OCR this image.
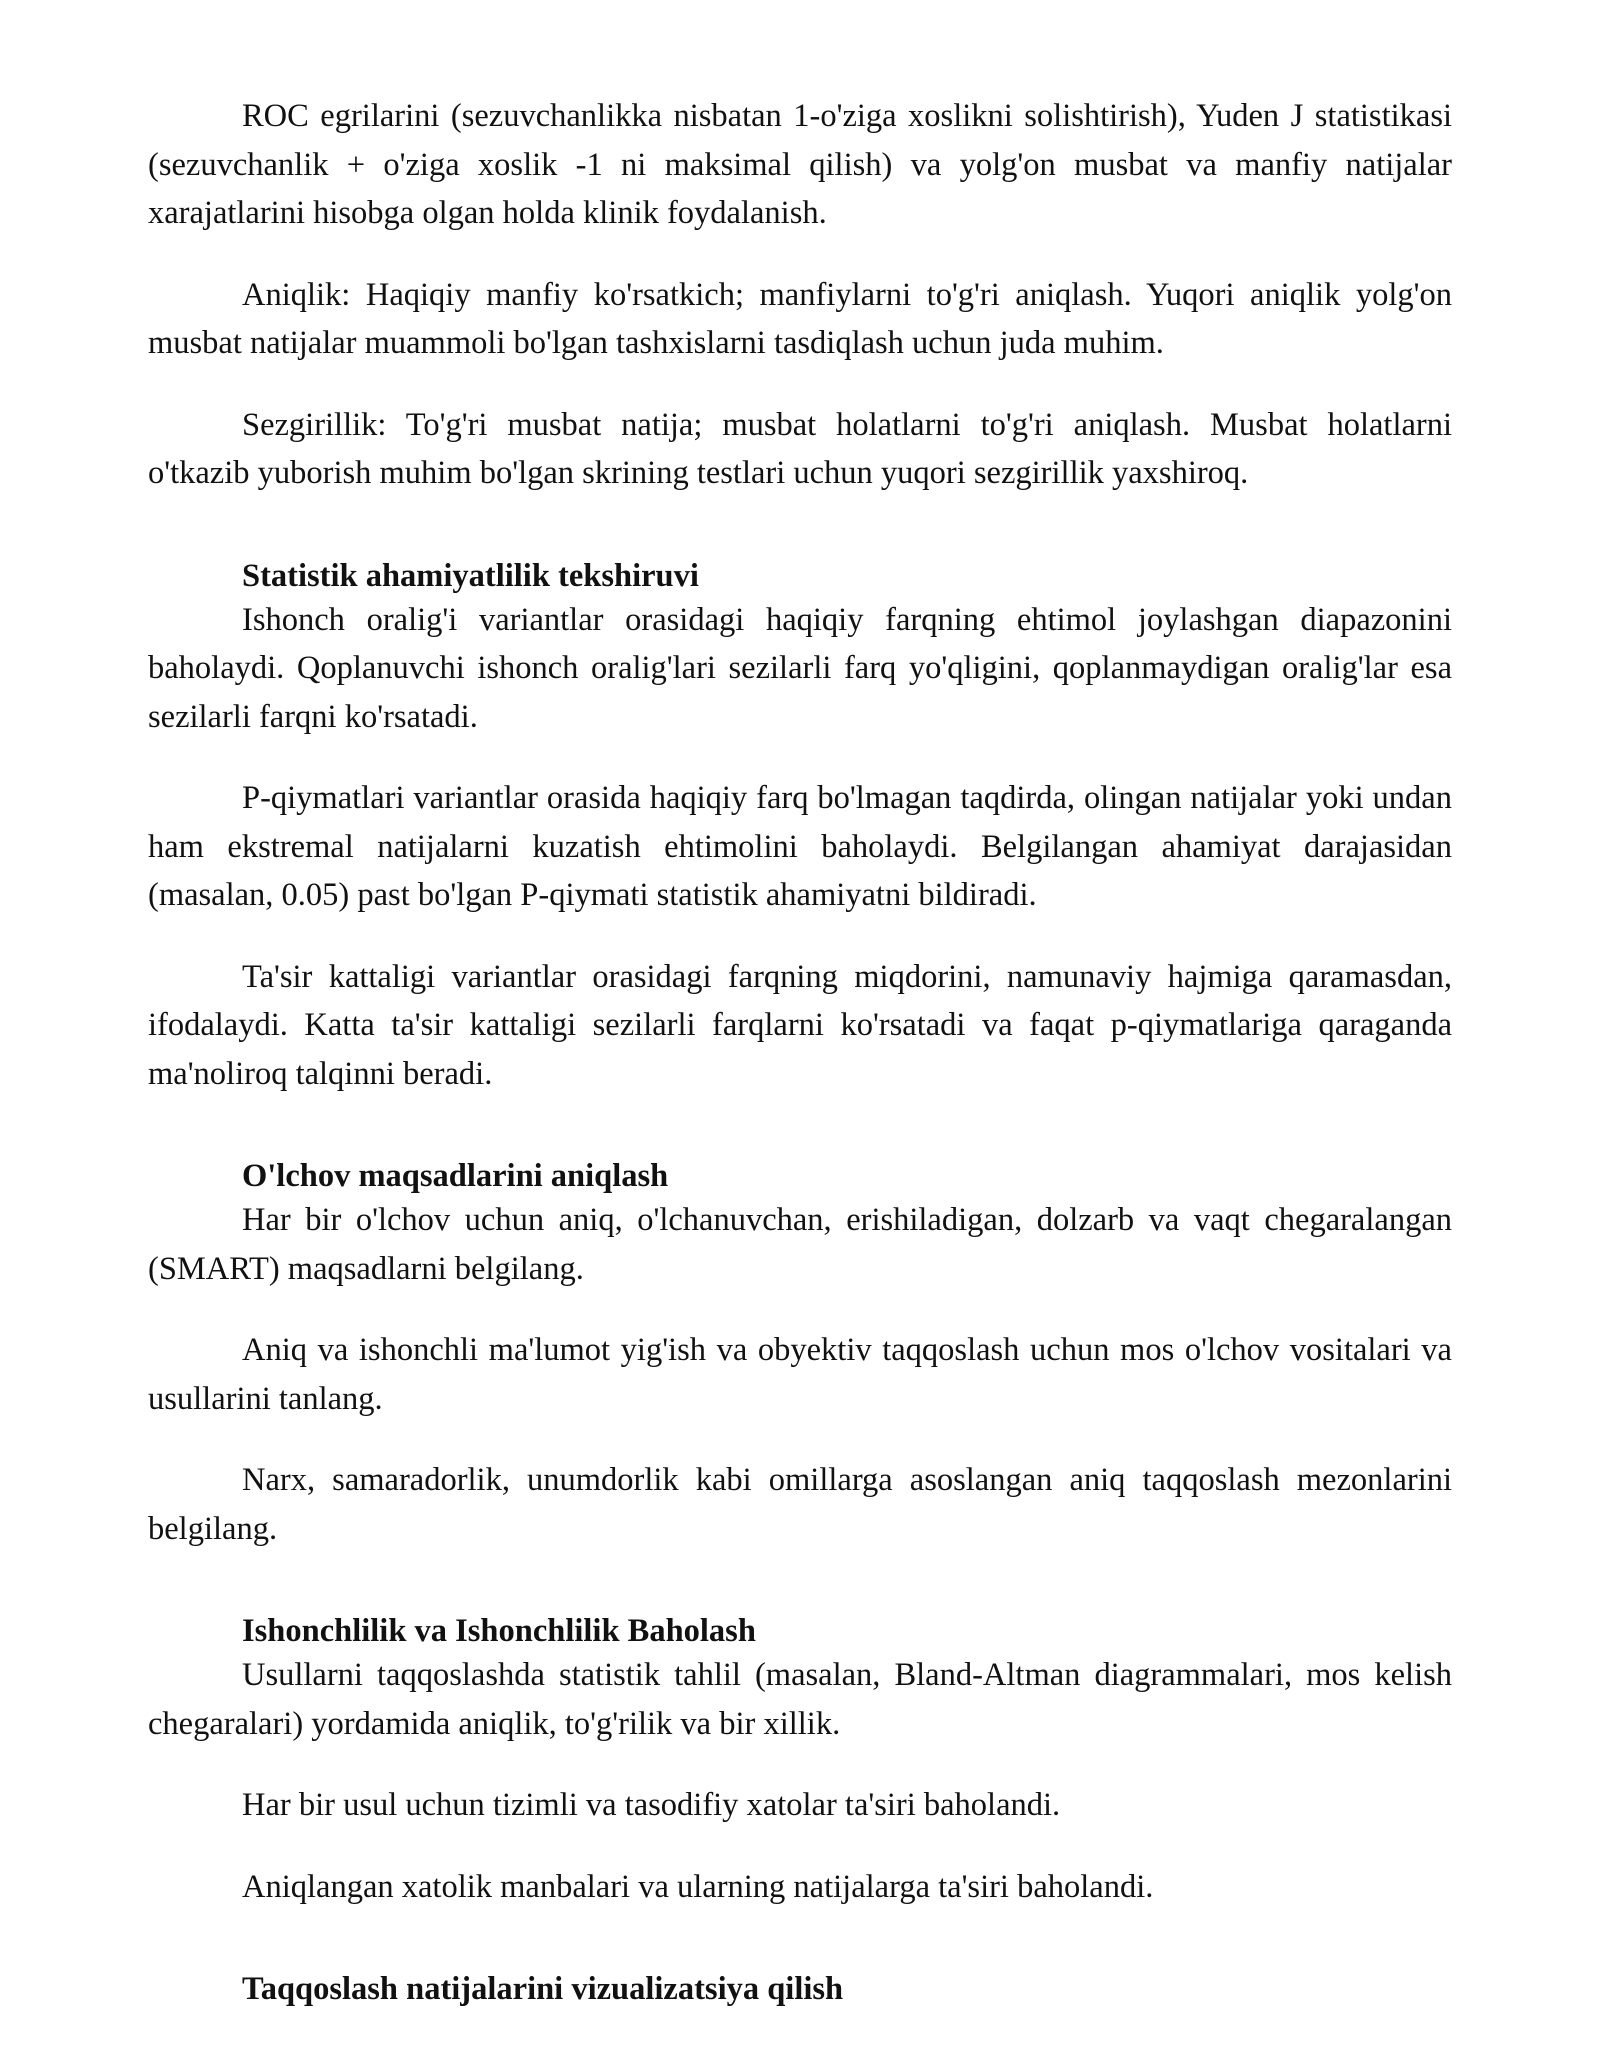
ROC egrilarini (sezuvchanlikka nisbatan 1-o'ziga xoslikni solishtirish), Yuden J statistikasi (sezuvchanlik + o'ziga xoslik -1 ni maksimal qilish) va yolg'on musbat va manfiy natijalar xarajatlarini hisobga olgan holda klinik foydalanish.

Aniqlik: Haqiqiy manfiy ko'rsatkich; manfiylarni to'g'ri aniqlash. Yuqori aniqlik yolg'on musbat natijalar muammoli bo'lgan tashxislarni tasdiqlash uchun juda muhim.

Sezgirillik: To'g'ri musbat natija; musbat holatlarni to'g'ri aniqlash. Musbat holatlarni o'tkazib yuborish muhim bo'lgan skrining testlari uchun yuqori sezgirillik yaxshiroq.

Statistik ahamiyatlilik tekshiruvi

Ishonch oralig'i variantlar orasidagi haqiqiy farqning ehtimol joylashgan diapazonini baholaydi. Qoplanuvchi ishonch oralig'lari sezilarli farq yo'qligini, qoplanmaydigan oralig'lar esa sezilarli farqni ko'rsatadi.

P-qiymatlari variantlar orasida haqiqiy farq bo'lmagan taqdirda, olingan natijalar yoki undan ham ekstremal natijalarni kuzatish ehtimolini baholaydi. Belgilangan ahamiyat darajasidan (masalan, 0.05) past bo'lgan P-qiymati statistik ahamiyatni bildiradi.

Ta'sir kattaligi variantlar orasidagi farqning miqdorini, namunaviy hajmiga qaramasdan, ifodalaydi. Katta ta'sir kattaligi sezilarli farqlarni ko'rsatadi va faqat p-qiymatlariga qaraganda ma'noliroq talqinni beradi.

O'lchov maqsadlarini aniqlash

Har bir o'lchov uchun aniq, o'lchanuvchan, erishiladigan, dolzarb va vaqt chegaralangan (SMART) maqsadlarni belgilang.

Aniq va ishonchli ma'lumot yig'ish va obyektiv taqqoslash uchun mos o'lchov vositalari va usullarini tanlang.

Narx, samaradorlik, unumdorlik kabi omillarga asoslangan aniq taqqoslash mezonlarini belgilang.

Ishonchlilik va Ishonchlilik Baholash

Usullarni taqqoslashda statistik tahlil (masalan, Bland-Altman diagrammalari, mos kelish chegaralari) yordamida aniqlik, to'g'rilik va bir xillik.

Har bir usul uchun tizimli va tasodifiy xatolar ta'siri baholandi.

Aniqlangan xatolik manbalari va ularning natijalarga ta'siri baholandi.

Taqqoslash natijalarini vizualizatsiya qilish
